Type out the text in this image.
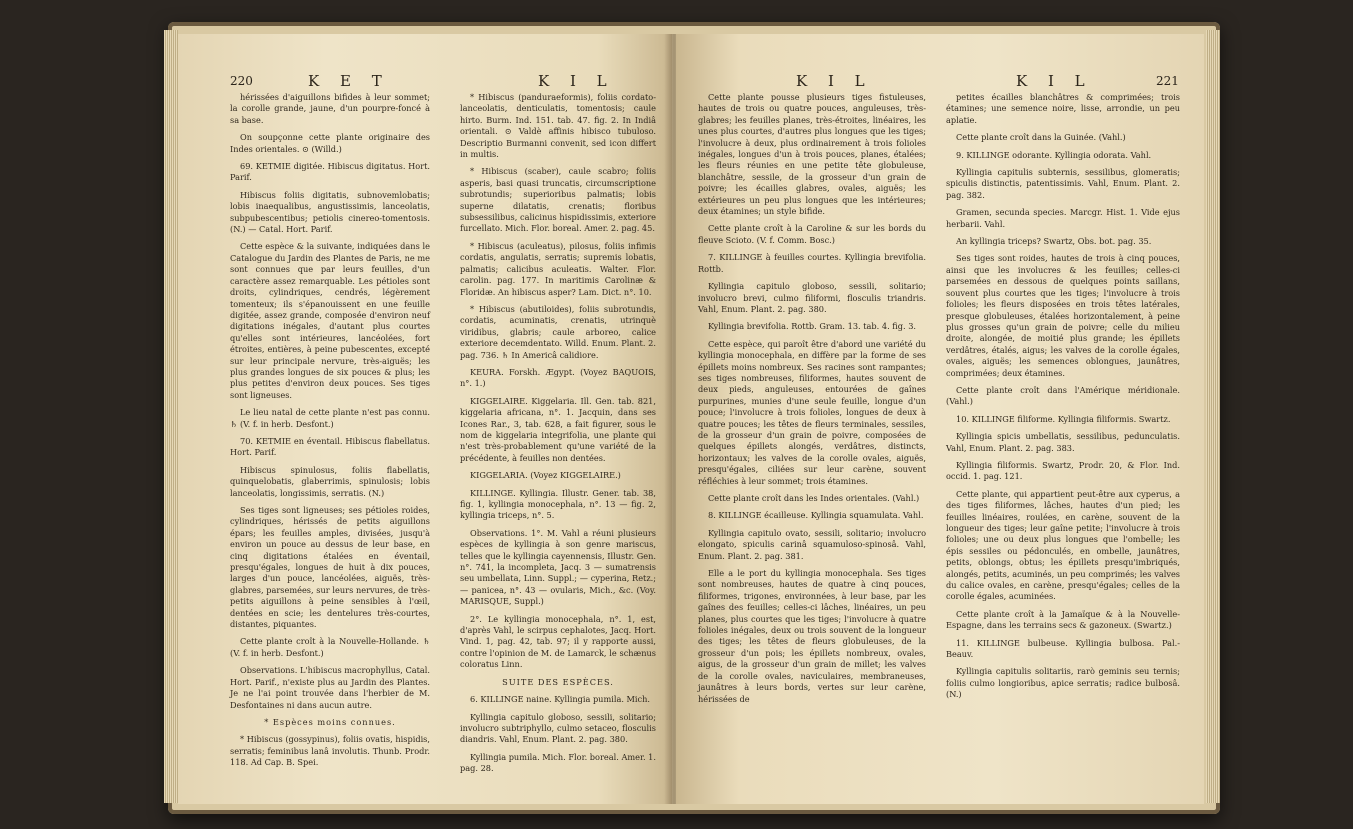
220	K E T	K I L

hérissées d'aiguillons bifides à leur sommet; la corolle grande, jaune, d'un pourpre-foncé à sa base.

On soupçonne cette plante originaire des Indes orientales. ⊙ (Willd.)

69. KETMIE digitée. Hibiscus digitatus. Hort. Parif.

Hibiscus foliis digitatis, subnovemlobatis; lobis inaequalibus, angustissimis, lanceolatis, subpubescentibus; petiolis cinereo-tomentosis. (N.) — Catal. Hort. Parif.

Cette espèce & la suivante, indiquées dans le Catalogue du Jardin des Plantes de Paris, ne me sont connues que par leurs feuilles, d'un caractère assez remarquable. Les pétioles sont droits, cylindriques, cendrés, légèrement tomenteux; ils s'épanouissent en une feuille digitée, assez grande, composée d'environ neuf digitations inégales, d'autant plus courtes qu'elles sont intérieures, lancéolées, fort étroites, entières, à peine pubescentes, excepté sur leur principale nervure, très-aiguës; les plus grandes longues de six pouces & plus; les plus petites d'environ deux pouces. Ses tiges sont ligneuses.

Le lieu natal de cette plante n'est pas connu. ♄ (V. f. in herb. Desfont.)

70. KETMIE en éventail. Hibiscus flabellatus. Hort. Parif.

Hibiscus spinulosus, foliis flabellatis, quinquelobatis, glaberrimis, spinulosis; lobis lanceolatis, longissimis, serratis. (N.)

Ses tiges sont ligneuses; ses pétioles roides, cylindriques, hérissés de petits aiguillons épars; les feuilles amples, divisées, jusqu'à environ un pouce au dessus de leur base, en cinq digitations étalées en éventail, presqu'égales, longues de huit à dix pouces, larges d'un pouce, lancéolées, aiguës, très-glabres, parsemées, sur leurs nervures, de très-petits aiguillons à peine sensibles à l'œil, dentées en scie; les dentelures très-courtes, distantes, piquantes.

Cette plante croît à la Nouvelle-Hollande. ♄ (V. f. in herb. Desfont.)

Observations. L'hibiscus macrophyllus, Catal. Hort. Parif., n'existe plus au Jardin des Plantes. Je ne l'ai point trouvée dans l'herbier de M. Desfontaines ni dans aucun autre.

* Espèces moins connues.

* Hibiscus (gossypinus), foliis ovatis, hispidis, serratis; feminibus lanâ involutis. Thunb. Prodr. 118. Ad Cap. B. Spei.

* Hibiscus (panduraeformis), foliis cordato-lanceolatis, denticulatis, tomentosis; caule hirto. Burm. Ind. 151. tab. 47. fig. 2. In Indiâ orientali. ⊙ Valdè affinis hibisco tubuloso. Descriptio Burmanni convenit, sed icon differt in multis.

* Hibiscus (scaber), caule scabro; foliis asperis, basi quasi truncatis, circumscriptione subrotundis; superioribus palmatis; lobis superne dilatatis, crenatis; floribus subsessilibus, calicinus hispidissimis, exteriore furcellato. Mich. Flor. boreal. Amer. 2. pag. 45.

* Hibiscus (aculeatus), pilosus, foliis infimis cordatis, angulatis, serratis; supremis lobatis, palmatis; calicibus aculeatis. Walter. Flor. carolin. pag. 177. In maritimis Carolinæ & Floridæ. An hibiscus asper? Lam. Dict. n°. 10.

* Hibiscus (abutiloides), foliis subrotundis, cordatis, acuminatis, crenatis, utrinquè viridibus, glabris; caule arboreo, calice exteriore decemdentato. Willd. Enum. Plant. 2. pag. 736. ♄ In Americâ calidiore.

KEURA. Forskh. Ægypt. (Voyez BAQUOIS, n°. 1.)

KIGGELAIRE. Kiggelaria. Ill. Gen. tab. 821, kiggelaria africana, n°. 1. Jacquin, dans ses Icones Rar., 3, tab. 628, a fait figurer, sous le nom de kiggelaria integrifolia, une plante qui n'est très-probablement qu'une variété de la précédente, à feuilles non dentées.

KIGGELARIA. (Voyez KIGGELAIRE.)

KILLINGE. Kyllingia. Illustr. Gener. tab. 38, fig. 1, kyllingia monocephala, n°. 13 — fig. 2, kyllingia triceps, n°. 5.

Observations. 1°. M. Vahl a réuni plusieurs espèces de kyllingia à son genre mariscus, telles que le kyllingia cayennensis, Illustr. Gen. n°. 741, la incompleta, Jacq. 3 — sumatrensis seu umbellata, Linn. Suppl.; — cyperina, Retz.; — panicea, n°. 43 — ovularis, Mich., &c. (Voy. MARISQUE, Suppl.)

2°. Le kyllingia monocephala, n°. 1, est, d'après Vahl, le scirpus cephalotes, Jacq. Hort. Vind. 1, pag. 42, tab. 97; il y rapporte aussi, contre l'opinion de M. de Lamarck, le schænus coloratus Linn.

SUITE DES ESPÈCES.

6. KILLINGE naine. Kyllingia pumila. Mich.

Kyllingia capitulo globoso, sessili, solitario; involucro subtriphyllo, culmo setaceo, flosculis diandris. Vahl, Enum. Plant. 2. pag. 380.

Kyllingia pumila. Mich. Flor. boreal. Amer. 1. pag. 28.

K I L	K I L	221

Cette plante pousse plusieurs tiges fistuleuses, hautes de trois ou quatre pouces, anguleuses, très-glabres; les feuilles planes, très-étroites, linéaires, les unes plus courtes, d'autres plus longues que les tiges; l'involucre à deux, plus ordinairement à trois folioles inégales, longues d'un à trois pouces, planes, étalées; les fleurs réunies en une petite tête globuleuse, blanchâtre, sessile, de la grosseur d'un grain de poivre; les écailles glabres, ovales, aiguës; les extérieures un peu plus longues que les intérieures; deux étamines; un style bifide.

Cette plante croît à la Caroline & sur les bords du fleuve Scioto. (V. f. Comm. Bosc.)

7. KILLINGE à feuilles courtes. Kyllingia brevifolia. Rottb.

Kyllingia capitulo globoso, sessili, solitario; involucro brevi, culmo filiformi, flosculis triandris. Vahl, Enum. Plant. 2. pag. 380.

Kyllingia brevifolia. Rottb. Gram. 13. tab. 4. fig. 3.

Cette espèce, qui paroît être d'abord une variété du kyllingia monocephala, en diffère par la forme de ses épillets moins nombreux. Ses racines sont rampantes; ses tiges nombreuses, filiformes, hautes souvent de deux pieds, anguleuses, entourées de gaînes purpurines, munies d'une seule feuille, longue d'un pouce; l'involucre à trois folioles, longues de deux à quatre pouces; les têtes de fleurs terminales, sessiles, de la grosseur d'un grain de poivre, composées de quelques épillets alongés, verdâtres, distincts, horizontaux; les valves de la corolle ovales, aiguës, presqu'égales, ciliées sur leur carène, souvent réfléchies à leur sommet; trois étamines.

Cette plante croît dans les Indes orientales. (Vahl.)

8. KILLINGE écailleuse. Kyllingia squamulata. Vahl.

Kyllingia capitulo ovato, sessili, solitario; involucro elongato, spiculis carinâ squamuloso-spinosâ. Vahl, Enum. Plant. 2. pag. 381.

Elle a le port du kyllingia monocephala. Ses tiges sont nombreuses, hautes de quatre à cinq pouces, filiformes, trigones, environnées, à leur base, par les gaînes des feuilles; celles-ci lâches, linéaires, un peu planes, plus courtes que les tiges; l'involucre à quatre folioles inégales, deux ou trois souvent de la longueur des tiges; les têtes de fleurs globuleuses, de la grosseur d'un pois; les épillets nombreux, ovales, aigus, de la grosseur d'un grain de millet; les valves de la corolle ovales, naviculaires, membraneuses, jaunâtres à leurs bords, vertes sur leur carène, hérissées de

petites écailles blanchâtres & comprimées; trois étamines; une semence noire, lisse, arrondie, un peu aplatie.

Cette plante croît dans la Guinée. (Vahl.)

9. KILLINGE odorante. Kyllingia odorata. Vahl.

Kyllingia capitulis subternis, sessilibus, glomeratis; spiculis distinctis, patentissimis. Vahl, Enum. Plant. 2. pag. 382.

Gramen, secunda species. Marcgr. Hist. 1. Vide ejus herbarii. Vahl.

An kyllingia triceps? Swartz, Obs. bot. pag. 35.

Ses tiges sont roides, hautes de trois à cinq pouces, ainsi que les involucres & les feuilles; celles-ci parsemées en dessous de quelques points saillans, souvent plus courtes que les tiges; l'involucre à trois folioles; les fleurs disposées en trois têtes latérales, presque globuleuses, étalées horizontalement, à peine plus grosses qu'un grain de poivre; celle du milieu droite, alongée, de moitié plus grande; les épillets verdâtres, étalés, aigus; les valves de la corolle égales, ovales, aiguës; les semences oblongues, jaunâtres, comprimées; deux étamines.

Cette plante croît dans l'Amérique méridionale. (Vahl.)

10. KILLINGE filiforme. Kyllingia filiformis. Swartz.

Kyllingia spicis umbellatis, sessilibus, pedunculatis. Vahl, Enum. Plant. 2. pag. 383.

Kyllingia filiformis. Swartz, Prodr. 20, & Flor. Ind. occid. 1. pag. 121.

Cette plante, qui appartient peut-être aux cyperus, a des tiges filiformes, lâches, hautes d'un pied; les feuilles linéaires, roulées, en carène, souvent de la longueur des tiges; leur gaîne petite; l'involucre à trois folioles; une ou deux plus longues que l'ombelle; les épis sessiles ou pédonculés, en ombelle, jaunâtres, petits, oblongs, obtus; les épillets presqu'imbriqués, alongés, petits, acuminés, un peu comprimés; les valves du calice ovales, en carène, presqu'égales; celles de la corolle égales, acuminées.

Cette plante croît à la Jamaïque & à la Nouvelle-Espagne, dans les terrains secs & gazoneux. (Swartz.)

11. KILLINGE bulbeuse. Kyllingia bulbosa. Pal.-Beauv.

Kyllingia capitulis solitariis, rarò geminis seu ternis; foliis culmo longioribus, apice serratis; radice bulbosâ. (N.)
